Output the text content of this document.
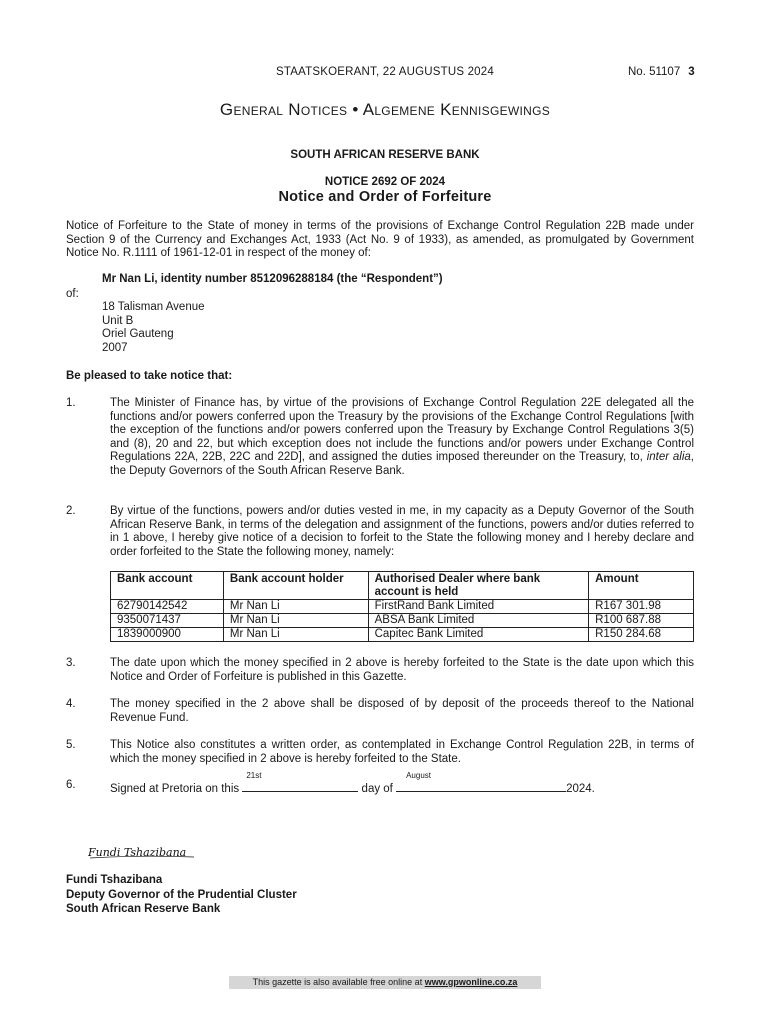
STAATSKOERANT, 22 AUGUSTUS 2024	No. 51107 3
General Notices • Algemene Kennisgewings
SOUTH AFRICAN RESERVE BANK
NOTICE 2692 OF 2024
Notice and Order of Forfeiture
Notice of Forfeiture to the State of money in terms of the provisions of Exchange Control Regulation 22B made under Section 9 of the Currency and Exchanges Act, 1933 (Act No. 9 of 1933), as amended, as promulgated by Government Notice No. R.1111 of 1961-12-01 in respect of the money of:
Mr Nan Li, identity number 8512096288184 (the “Respondent”)
of:
18 Talisman Avenue
Unit B
Oriel Gauteng
2007
Be pleased to take notice that:
1.	The Minister of Finance has, by virtue of the provisions of Exchange Control Regulation 22E delegated all the functions and/or powers conferred upon the Treasury by the provisions of the Exchange Control Regulations [with the exception of the functions and/or powers conferred upon the Treasury by Exchange Control Regulations 3(5) and (8), 20 and 22, but which exception does not include the functions and/or powers under Exchange Control Regulations 22A, 22B, 22C and 22D], and assigned the duties imposed thereunder on the Treasury, to, inter alia, the Deputy Governors of the South African Reserve Bank.
2.	By virtue of the functions, powers and/or duties vested in me, in my capacity as a Deputy Governor of the South African Reserve Bank, in terms of the delegation and assignment of the functions, powers and/or duties referred to in 1 above, I hereby give notice of a decision to forfeit to the State the following money and I hereby declare and order forfeited to the State the following money, namely:
Bank account	Bank account holder	Authorised Dealer where bank account is held	Amount
62790142542	Mr Nan Li	FirstRand Bank Limited	R167 301.98
9350071437	Mr Nan Li	ABSA Bank Limited	R100 687.88
1839000900	Mr Nan Li	Capitec Bank Limited	R150 284.68
3.	The date upon which the money specified in 2 above is hereby forfeited to the State is the date upon which this Notice and Order of Forfeiture is published in this Gazette.
4.	The money specified in the 2 above shall be disposed of by deposit of the proceeds thereof to the National Revenue Fund.
5.	This Notice also constitutes a written order, as contemplated in Exchange Control Regulation 22B, in terms of which the money specified in 2 above is hereby forfeited to the State.
6.	Signed at Pretoria on this
21st
day of
August
2024.
Fundi Tshazibana
Fundi Tshazibana
Deputy Governor of the Prudential Cluster
South African Reserve Bank
This gazette is also available free online at www.gpwonline.co.za
